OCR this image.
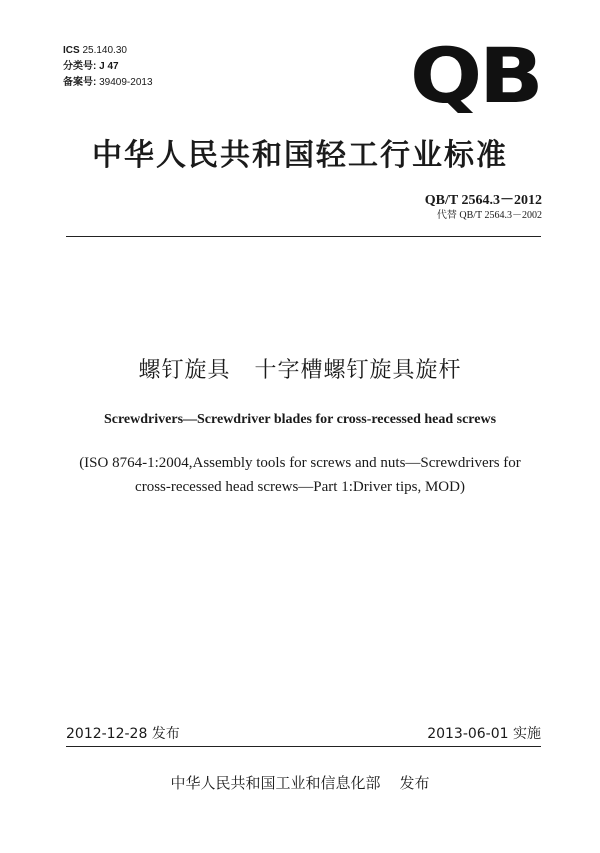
ICS 25.140.30
分类号: J 47
备案号: 39409-2013	QB
中华人民共和国轻工行业标准
QB/T 2564.3－2012
代替 QB/T 2564.3－2002
螺钉旋具   十字槽螺钉旋具旋杆
Screwdrivers—Screwdriver blades for cross-recessed head screws
(ISO 8764-1:2004,Assembly tools for screws and nuts—Screwdrivers for
cross-recessed head screws—Part 1:Driver tips, MOD)
2012-12-28 发布	2013-06-01 实施
中华人民共和国工业和信息化部    发布
